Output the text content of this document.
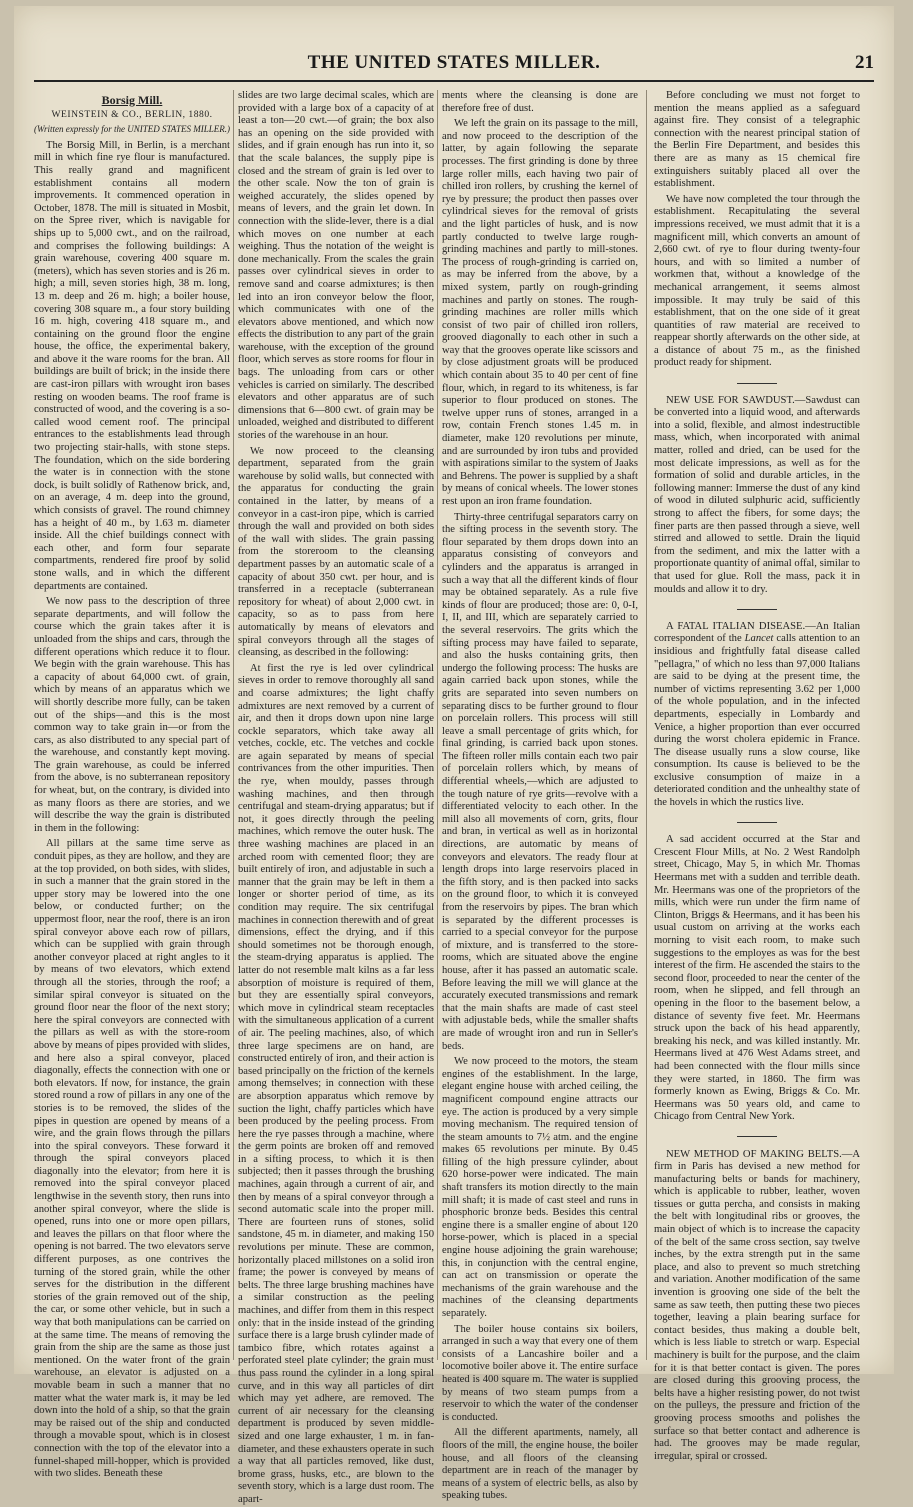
THE UNITED STATES MILLER.	21
Borsig Mill.
WEINSTEIN & CO., BERLIN, 1880.
(Written expressly for the UNITED STATES MILLER.)

The Borsig Mill, in Berlin, is a merchant mill in which fine rye flour is manufactured. This really grand and magnificent establishment contains all modern improvements. It commenced operation in October, 1878. The mill is situated in Mosbit, on the Spree river, which is navigable for ships up to 5,000 cwt., and on the railroad, and comprises the following buildings: A grain warehouse, covering 400 square m. (meters), which has seven stories and is 26 m. high; a mill, seven stories high, 38 m. long, 13 m. deep and 26 m. high; a boiler house, covering 308 square m., a four story building 16 m. high, covering 418 square m., and containing on the ground floor the engine house, the office, the experimental bakery, and above it the ware rooms for the bran. All buildings are built of brick; in the inside there are cast-iron pillars with wrought iron bases resting on wooden beams. The roof frame is constructed of wood, and the covering is a so-called wood cement roof. The principal entrances to the establishments lead through two projecting stair-halls, with stone steps. The foundation, which on the side bordering the water is in connection with the stone dock, is built solidly of Rathenow brick, and, on an average, 4 m. deep into the ground, which consists of gravel. The round chimney has a height of 40 m., by 1.63 m. diameter inside. All the chief buildings connect with each other, and form four separate compartments, rendered fire proof by solid stone walls, and in which the different departments are contained.

We now pass to the description of three separate departments, and will follow the course which the grain takes after it is unloaded from the ships and cars, through the different operations which reduce it to flour. We begin with the grain warehouse. This has a capacity of about 64,000 cwt. of grain, which by means of an apparatus which we will shortly describe more fully, can be taken out of the ships—and this is the most common way to take grain in—or from the cars, as also distributed to any special part of the warehouse, and constantly kept moving. The grain warehouse, as could be inferred from the above, is no subterranean repository for wheat, but, on the contrary, is divided into as many floors as there are stories, and we will describe the way the grain is distributed in them in the following:

All pillars at the same time serve as conduit pipes, as they are hollow, and they are at the top provided, on both sides, with slides, in such a manner that the grain stored in the upper story may be lowered into the one below, or conducted further; on the uppermost floor, near the roof, there is an iron spiral conveyor above each row of pillars, which can be supplied with grain through another conveyor placed at right angles to it by means of two elevators, which extend through all the stories, through the roof; a similar spiral conveyor is situated on the ground floor near the floor of the next story; here the spiral conveyors are connected with the pillars as well as with the store-room above by means of pipes provided with slides, and here also a spiral conveyor, placed diagonally, effects the connection with one or both elevators. If now, for instance, the grain stored round a row of pillars in any one of the stories is to be removed, the slides of the pipes in question are opened by means of a wire, and the grain flows through the pillars into the spiral conveyors. These forward it through the spiral conveyors placed diagonally into the elevator; from here it is removed into the spiral conveyor placed lengthwise in the seventh story, then runs into another spiral conveyor, where the slide is opened, runs into one or more open pillars, and leaves the pillars on that floor where the opening is not barred. The two elevators serve different purposes, as one contrives the turning of the stored grain, while the other serves for the distribution in the different stories of the grain removed out of the ship, the car, or some other vehicle, but in such a way that both manipulations can be carried on at the same time. The means of removing the grain from the ship are the same as those just mentioned. On the water front of the grain warehouse, an elevator is adjusted on a movable beam in such a manner that no matter what the water mark is, it may be led down into the hold of a ship, so that the grain may be raised out of the ship and conducted through a movable spout, which is in closest connection with the top of the elevator into a funnel-shaped mill-hopper, which is provided with two slides. Beneath these

slides are two large decimal scales, which are provided with a large box of a capacity of at least a ton—20 cwt.—of grain; the box also has an opening on the side provided with slides, and if grain enough has run into it, so that the scale balances, the supply pipe is closed and the stream of grain is led over to the other scale. Now the ton of grain is weighed accurately, the slides opened by means of levers, and the grain let down. In connection with the slide-lever, there is a dial which moves on one number at each weighing. Thus the notation of the weight is done mechanically. From the scales the grain passes over cylindrical sieves in order to remove sand and coarse admixtures; is then led into an iron conveyor below the floor, which communicates with one of the elevators above mentioned, and which now effects the distribution to any part of the grain warehouse, with the exception of the ground floor, which serves as store rooms for flour in bags. The unloading from cars or other vehicles is carried on similarly. The described elevators and other apparatus are of such dimensions that 6—800 cwt. of grain may be unloaded, weighed and distributed to different stories of the warehouse in an hour.

We now proceed to the cleansing department, separated from the grain warehouse by solid walls, but connected with the apparatus for conducting the grain contained in the latter, by means of a conveyor in a cast-iron pipe, which is carried through the wall and provided on both sides of the wall with slides. The grain passing from the storeroom to the cleansing department passes by an automatic scale of a capacity of about 350 cwt. per hour, and is transferred in a receptacle (subterranean repository for wheat) of about 2,000 cwt. in capacity, so as to pass from here automatically by means of elevators and spiral conveyors through all the stages of cleansing, as described in the following:

At first the rye is led over cylindrical sieves in order to remove thoroughly all sand and coarse admixtures; the light chaffy admixtures are next removed by a current of air, and then it drops down upon nine large cockle separators, which take away all vetches, cockle, etc. The vetches and cockle are again separated by means of special contrivances from the other impurities. Then the rye, when mouldy, passes through washing machines, and then through centrifugal and steam-drying apparatus; but if not, it goes directly through the peeling machines, which remove the outer husk. The three washing machines are placed in an arched room with cemented floor; they are built entirely of iron, and adjustable in such a manner that the grain may be left in them a longer or shorter period of time, as its condition may require. The six centrifugal machines in connection therewith and of great dimensions, effect the drying, and if this should sometimes not be thorough enough, the steam-drying apparatus is applied. The latter do not resemble malt kilns as a far less absorption of moisture is required of them, but they are essentially spiral conveyors, which move in cylindrical steam receptacles with the simultaneous application of a current of air. The peeling machines, also, of which three large specimens are on hand, are constructed entirely of iron, and their action is based principally on the friction of the kernels among themselves; in connection with these are absorption apparatus which remove by suction the light, chaffy particles which have been produced by the peeling process. From here the rye passes through a machine, where the germ points are broken off and removed in a sifting process, to which it is then subjected; then it passes through the brushing machines, again through a current of air, and then by means of a spiral conveyor through a second automatic scale into the proper mill. There are fourteen runs of stones, solid sandstone, 45 m. in diameter, and making 150 revolutions per minute. These are common, horizontally placed millstones on a solid iron frame; the power is conveyed by means of belts. The three large brushing machines have a similar construction as the peeling machines, and differ from them in this respect only: that in the inside instead of the grinding surface there is a large brush cylinder made of tambico fibre, which rotates against a perforated steel plate cylinder; the grain must thus pass round the cylinder in a long spiral curve, and in this way all particles of dirt which may yet adhere, are removed. The current of air necessary for the cleansing department is produced by seven middle-sized and one large exhauster, 1 m. in fan-diameter, and these exhausters operate in such a way that all particles removed, like dust, brome grass, husks, etc., are blown to the seventh story, which is a large dust room. The apart-

ments where the cleansing is done are therefore free of dust.

We left the grain on its passage to the mill, and now proceed to the description of the latter, by again following the separate processes. The first grinding is done by three large roller mills, each having two pair of chilled iron rollers, by crushing the kernel of rye by pressure; the product then passes over cylindrical sieves for the removal of grists and the light particles of husk, and is now partly conducted to twelve large rough-grinding machines and partly to mill-stones. The process of rough-grinding is carried on, as may be inferred from the above, by a mixed system, partly on rough-grinding machines and partly on stones. The rough-grinding machines are roller mills which consist of two pair of chilled iron rollers, grooved diagonally to each other in such a way that the grooves operate like scissors and by close adjustment groats will be produced which contain about 35 to 40 per cent of fine flour, which, in regard to its whiteness, is far superior to flour produced on stones. The twelve upper runs of stones, arranged in a row, contain French stones 1.45 m. in diameter, make 120 revolutions per minute, and are surrounded by iron tubs and provided with aspirations similar to the system of Jaaks and Behrens. The power is supplied by a shaft by means of conical wheels. The lower stones rest upon an iron frame foundation.

Thirty-three centrifugal separators carry on the sifting process in the seventh story. The flour separated by them drops down into an apparatus consisting of conveyors and cylinders and the apparatus is arranged in such a way that all the different kinds of flour may be obtained separately. As a rule five kinds of flour are produced; those are: 0, 0-I, I, II, and III, which are separately carried to the several reservoirs. The grits which the sifting process may have failed to separate, and also the husks containing grits, then undergo the following process: The husks are again carried back upon stones, while the grits are separated into seven numbers on separating discs to be further ground to flour on porcelain rollers. This process will still leave a small percentage of grits which, for final grinding, is carried back upon stones. The fifteen roller mills contain each two pair of porcelain rollers which, by means of differential wheels,—which are adjusted to the tough nature of rye grits—revolve with a differentiated velocity to each other. In the mill also all movements of corn, grits, flour and bran, in vertical as well as in horizontal directions, are automatic by means of conveyors and elevators. The ready flour at length drops into large reservoirs placed in the fifth story, and is then packed into sacks on the ground floor, to which it is conveyed from the reservoirs by pipes. The bran which is separated by the different processes is carried to a special conveyor for the purpose of mixture, and is transferred to the store-rooms, which are situated above the engine house, after it has passed an automatic scale. Before leaving the mill we will glance at the accurately executed transmissions and remark that the main shafts are made of cast steel with adjustable beds, while the smaller shafts are made of wrought iron and run in Seller's beds.

We now proceed to the motors, the steam engines of the establishment. In the large, elegant engine house with arched ceiling, the magnificent compound engine attracts our eye. The action is produced by a very simple moving mechanism. The required tension of the steam amounts to 7½ atm. and the engine makes 65 revolutions per minute. By 0.45 filling of the high pressure cylinder, about 620 horse-power were indicated. The main shaft transfers its motion directly to the main mill shaft; it is made of cast steel and runs in phosphoric bronze beds. Besides this central engine there is a smaller engine of about 120 horse-power, which is placed in a special engine house adjoining the grain warehouse; this, in conjunction with the central engine, can act on transmission or operate the mechanisms of the grain warehouse and the machines of the cleansing departments separately.

The boiler house contains six boilers, arranged in such a way that every one of them consists of a Lancashire boiler and a locomotive boiler above it. The entire surface heated is 400 square m. The water is supplied by means of two steam pumps from a reservoir to which the water of the condenser is conducted.

All the different apartments, namely, all floors of the mill, the engine house, the boiler house, and all floors of the cleansing department are in reach of the manager by means of a system of electric bells, as also by speaking tubes.

Before concluding we must not forget to mention the means applied as a safeguard against fire. They consist of a telegraphic connection with the nearest principal station of the Berlin Fire Department, and besides this there are as many as 15 chemical fire extinguishers suitably placed all over the establishment.

We have now completed the tour through the establishment. Recapitulating the several impressions received, we must admit that it is a magnificent mill, which converts an amount of 2,660 cwt. of rye to flour during twenty-four hours, and with so limited a number of workmen that, without a knowledge of the mechanical arrangement, it seems almost impossible. It may truly be said of this establishment, that on the one side of it great quantities of raw material are received to reappear shortly afterwards on the other side, at a distance of about 75 m., as the finished product ready for shipment.

NEW USE FOR SAWDUST.—Sawdust can be converted into a liquid wood, and afterwards into a solid, flexible, and almost indestructible mass, which, when incorporated with animal matter, rolled and dried, can be used for the most delicate impressions, as well as for the formation of solid and durable articles, in the following manner: Immerse the dust of any kind of wood in diluted sulphuric acid, sufficiently strong to affect the fibers, for some days; the finer parts are then passed through a sieve, well stirred and allowed to settle. Drain the liquid from the sediment, and mix the latter with a proportionate quantity of animal offal, similar to that used for glue. Roll the mass, pack it in moulds and allow it to dry.

A FATAL ITALIAN DISEASE.—An Italian correspondent of the Lancet calls attention to an insidious and frightfully fatal disease called "pellagra," of which no less than 97,000 Italians are said to be dying at the present time, the number of victims representing 3.62 per 1,000 of the whole population, and in the infected departments, especially in Lombardy and Venice, a higher proportion than ever occurred during the worst cholera epidemic in France. The disease usually runs a slow course, like consumption. Its cause is believed to be the exclusive consumption of maize in a deteriorated condition and the unhealthy state of the hovels in which the rustics live.

A sad accident occurred at the Star and Crescent Flour Mills, at No. 2 West Randolph street, Chicago, May 5, in which Mr. Thomas Heermans met with a sudden and terrible death. Mr. Heermans was one of the proprietors of the mills, which were run under the firm name of Clinton, Briggs & Heermans, and it has been his usual custom on arriving at the works each morning to visit each room, to make such suggestions to the employes as was for the best interest of the firm. He ascended the stairs to the second floor, proceeded to near the center of the room, when he slipped, and fell through an opening in the floor to the basement below, a distance of seventy five feet. Mr. Heermans struck upon the back of his head apparently, breaking his neck, and was killed instantly. Mr. Heermans lived at 476 West Adams street, and had been connected with the flour mills since they were started, in 1860. The firm was formerly known as Ewing, Briggs & Co. Mr. Heermans was 50 years old, and came to Chicago from Central New York.

NEW METHOD OF MAKING BELTS.—A firm in Paris has devised a new method for manufacturing belts or bands for machinery, which is applicable to rubber, leather, woven tissues or gutta percha, and consists in making the belt with longitudinal ribs or grooves, the main object of which is to increase the capacity of the belt of the same cross section, say twelve inches, by the extra strength put in the same place, and also to prevent so much stretching and variation. Another modification of the same invention is grooving one side of the belt the same as saw teeth, then putting these two pieces together, leaving a plain bearing surface for contact besides, thus making a double belt, which is less liable to stretch or warp. Especial machinery is built for the purpose, and the claim for it is that better contact is given. The pores are closed during this grooving process, the belts have a higher resisting power, do not twist on the pulleys, the pressure and friction of the grooving process smooths and polishes the surface so that better contact and adherence is had. The grooves may be made regular, irregular, spiral or crossed.
